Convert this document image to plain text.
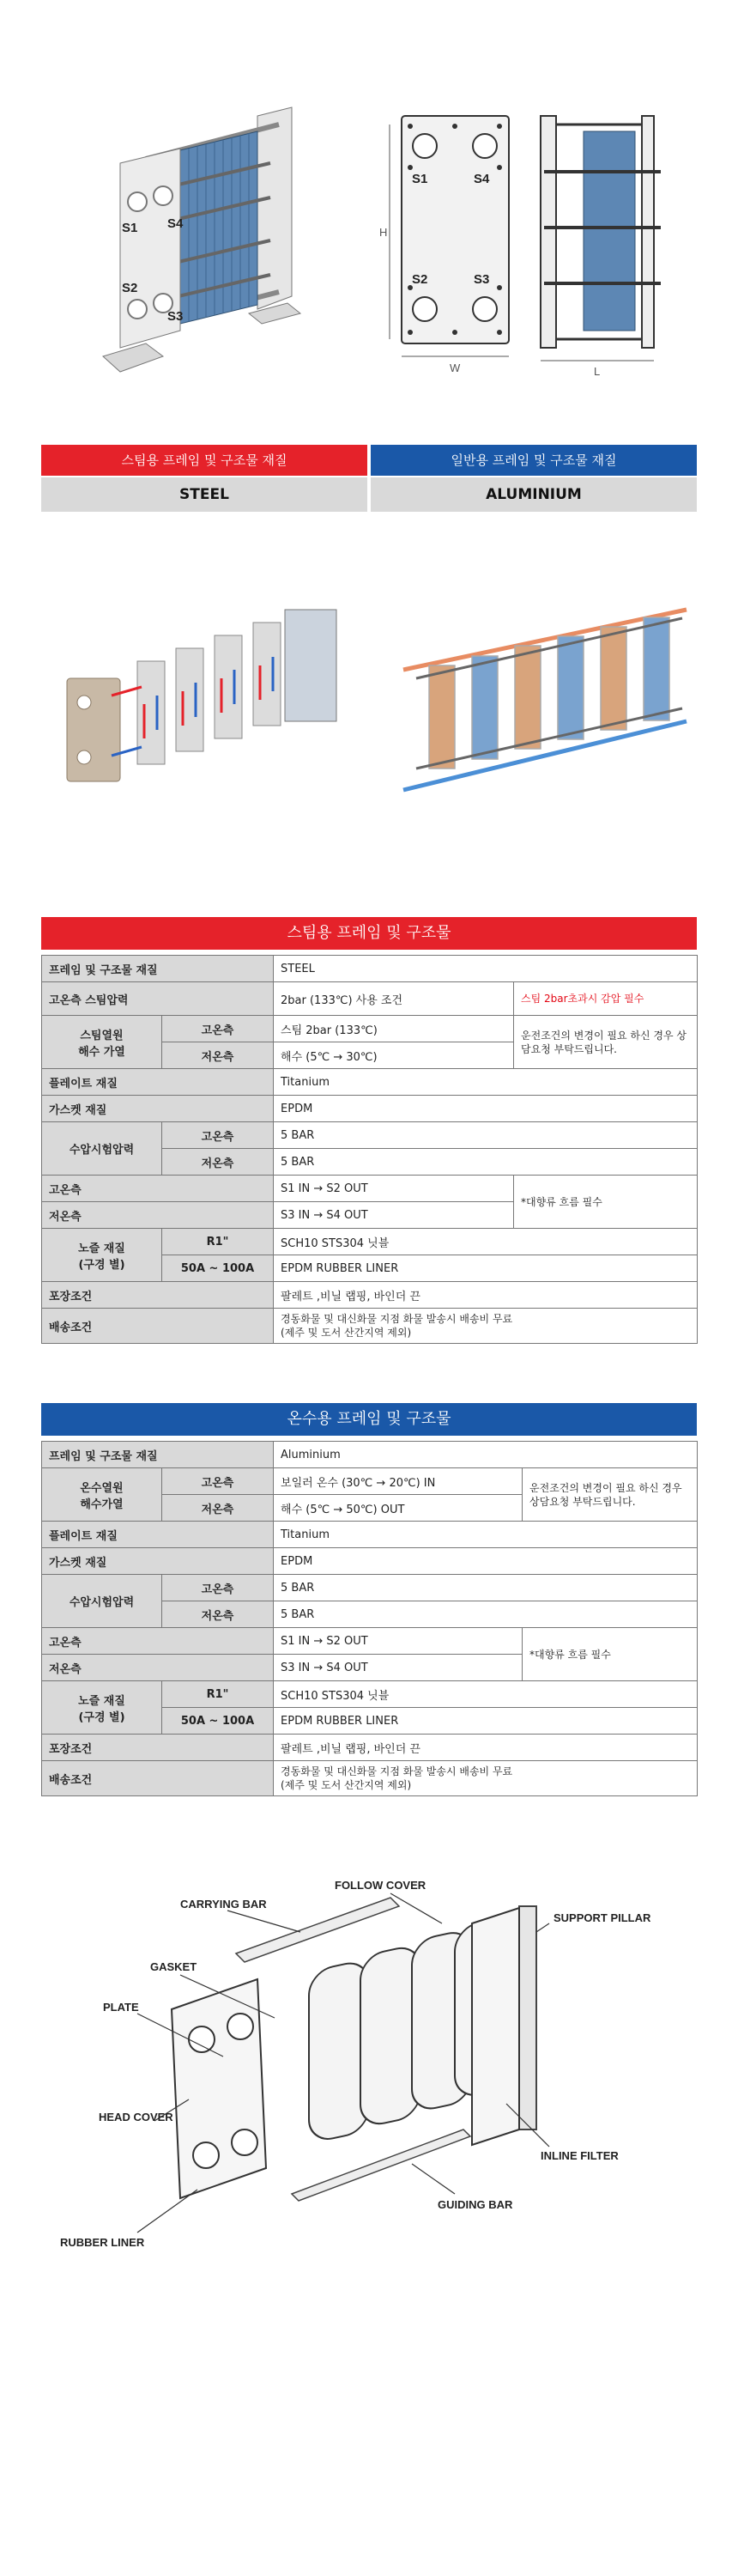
S1 S4
S2
S3
H
S1	S4
S2	S3
W	L
스팀용 프레임 및 구조물 재질	일반용 프레임 및 구조물 재질
STEEL	ALUMINIUM
스팀용 프레임 및 구조물
프레임 및 구조물 재질		STEEL	
고온측 스팀압력		2bar (133℃) 사용 조건	스팀 2bar초과시 감압 필수
스팀열원
해수 가열	고온측	스팀 2bar (133℃)	운전조건의 변경이 필요 하신 경우 상담요청 부탁드립니다.
	저온측	해수 (5℃ → 30℃)	
플레이트 재질		Titanium	
가스켓 재질		EPDM	
수압시험압력	고온측	5 BAR	
	저온측	5 BAR	
고온측		S1 IN → S2 OUT	*대향류 흐름 필수
저온측		S3 IN → S4 OUT	
노즐 재질
(구경 별)	R1"	SCH10 STS304 닛블	
	50A ~ 100A	EPDM RUBBER LINER	
포장조건		팔레트 ,비닐 랩핑, 바인더 끈	
배송조건		경동화물 및 대신화물 지점 화물 발송시 배송비 무료
(제주 및 도서 산간지역 제외)	
온수용 프레임 및 구조물
프레임 및 구조물 재질		Aluminium	
온수열원
해수가열	고온측	보일러 온수 (30℃ → 20℃) IN	운전조건의 변경이 필요 하신 경우 상담요청 부탁드립니다.
	저온측	해수 (5℃ → 50℃) OUT	
플레이트 재질		Titanium	
가스켓 재질		EPDM	
수압시험압력	고온측	5 BAR	
	저온측	5 BAR	
고온측		S1 IN → S2 OUT	*대향류 흐름 필수
저온측		S3 IN → S4 OUT	
노즐 재질
(구경 별)	R1"	SCH10 STS304 닛블	
	50A ~ 100A	EPDM RUBBER LINER	
포장조건		팔레트 ,비닐 랩핑, 바인더 끈	
배송조건		경동화물 및 대신화물 지점 화물 발송시 배송비 무료
(제주 및 도서 산간지역 제외)	
FOLLOW COVER
CARRYING BAR
SUPPORT PILLAR
GASKET
PLATE
HEAD COVER
INLINE FILTER
GUIDING BAR
RUBBER LINER
